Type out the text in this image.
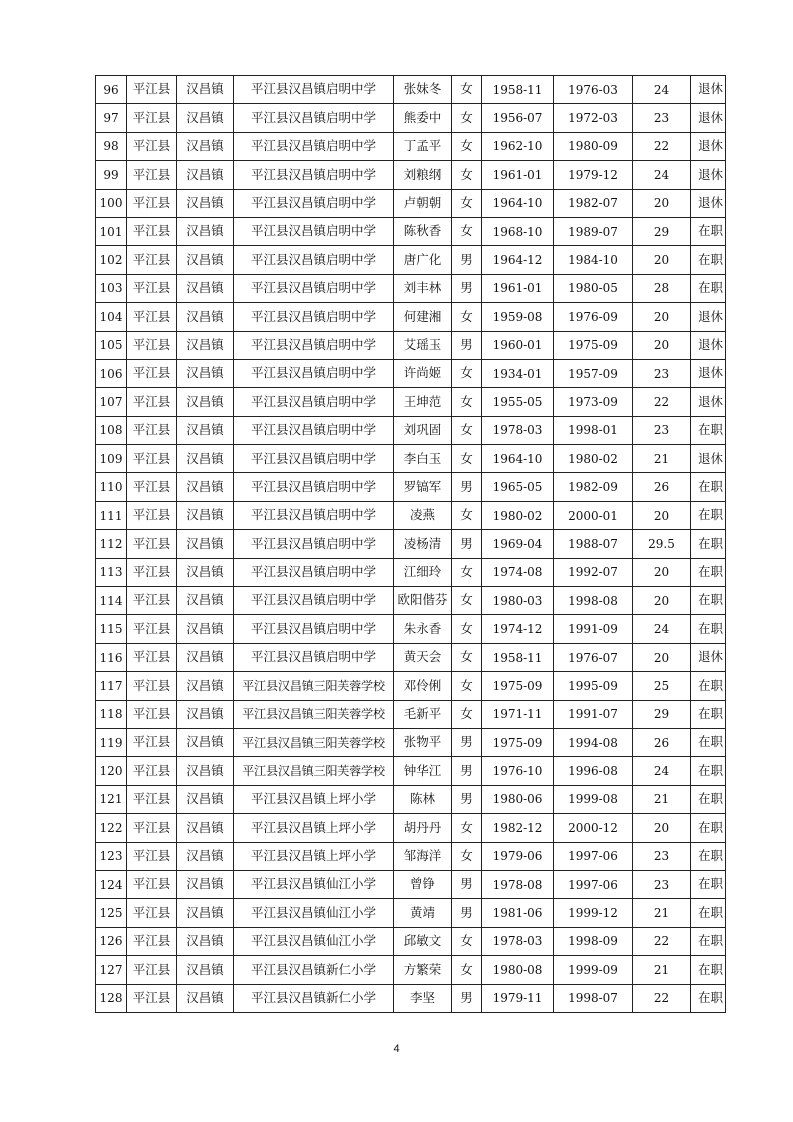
96	平江县	汉昌镇	平江县汉昌镇启明中学	张妹冬	女	1958-11	1976-03	24	退休
97	平江县	汉昌镇	平江县汉昌镇启明中学	熊委中	女	1956-07	1972-03	23	退休
98	平江县	汉昌镇	平江县汉昌镇启明中学	丁孟平	女	1962-10	1980-09	22	退休
99	平江县	汉昌镇	平江县汉昌镇启明中学	刘粮纲	女	1961-01	1979-12	24	退休
100	平江县	汉昌镇	平江县汉昌镇启明中学	卢朝朝	女	1964-10	1982-07	20	退休
101	平江县	汉昌镇	平江县汉昌镇启明中学	陈秋香	女	1968-10	1989-07	29	在职
102	平江县	汉昌镇	平江县汉昌镇启明中学	唐广化	男	1964-12	1984-10	20	在职
103	平江县	汉昌镇	平江县汉昌镇启明中学	刘丰林	男	1961-01	1980-05	28	在职
104	平江县	汉昌镇	平江县汉昌镇启明中学	何建湘	女	1959-08	1976-09	20	退休
105	平江县	汉昌镇	平江县汉昌镇启明中学	艾瑶玉	男	1960-01	1975-09	20	退休
106	平江县	汉昌镇	平江县汉昌镇启明中学	许尚姬	女	1934-01	1957-09	23	退休
107	平江县	汉昌镇	平江县汉昌镇启明中学	王坤范	女	1955-05	1973-09	22	退休
108	平江县	汉昌镇	平江县汉昌镇启明中学	刘巩固	女	1978-03	1998-01	23	在职
109	平江县	汉昌镇	平江县汉昌镇启明中学	李白玉	女	1964-10	1980-02	21	退休
110	平江县	汉昌镇	平江县汉昌镇启明中学	罗镐军	男	1965-05	1982-09	26	在职
111	平江县	汉昌镇	平江县汉昌镇启明中学	凌燕	女	1980-02	2000-01	20	在职
112	平江县	汉昌镇	平江县汉昌镇启明中学	凌杨清	男	1969-04	1988-07	29.5	在职
113	平江县	汉昌镇	平江县汉昌镇启明中学	江细玲	女	1974-08	1992-07	20	在职
114	平江县	汉昌镇	平江县汉昌镇启明中学	欧阳偕芬	女	1980-03	1998-08	20	在职
115	平江县	汉昌镇	平江县汉昌镇启明中学	朱永香	女	1974-12	1991-09	24	在职
116	平江县	汉昌镇	平江县汉昌镇启明中学	黄天会	女	1958-11	1976-07	20	退休
117	平江县	汉昌镇	平江县汉昌镇三阳芙蓉学校	邓伶俐	女	1975-09	1995-09	25	在职
118	平江县	汉昌镇	平江县汉昌镇三阳芙蓉学校	毛新平	女	1971-11	1991-07	29	在职
119	平江县	汉昌镇	平江县汉昌镇三阳芙蓉学校	张物平	男	1975-09	1994-08	26	在职
120	平江县	汉昌镇	平江县汉昌镇三阳芙蓉学校	钟华江	男	1976-10	1996-08	24	在职
121	平江县	汉昌镇	平江县汉昌镇上坪小学	陈林	男	1980-06	1999-08	21	在职
122	平江县	汉昌镇	平江县汉昌镇上坪小学	胡丹丹	女	1982-12	2000-12	20	在职
123	平江县	汉昌镇	平江县汉昌镇上坪小学	邹海洋	女	1979-06	1997-06	23	在职
124	平江县	汉昌镇	平江县汉昌镇仙江小学	曾铮	男	1978-08	1997-06	23	在职
125	平江县	汉昌镇	平江县汉昌镇仙江小学	黄靖	男	1981-06	1999-12	21	在职
126	平江县	汉昌镇	平江县汉昌镇仙江小学	邱敏文	女	1978-03	1998-09	22	在职
127	平江县	汉昌镇	平江县汉昌镇新仁小学	方繁荣	女	1980-08	1999-09	21	在职
128	平江县	汉昌镇	平江县汉昌镇新仁小学	李坚	男	1979-11	1998-07	22	在职
4
